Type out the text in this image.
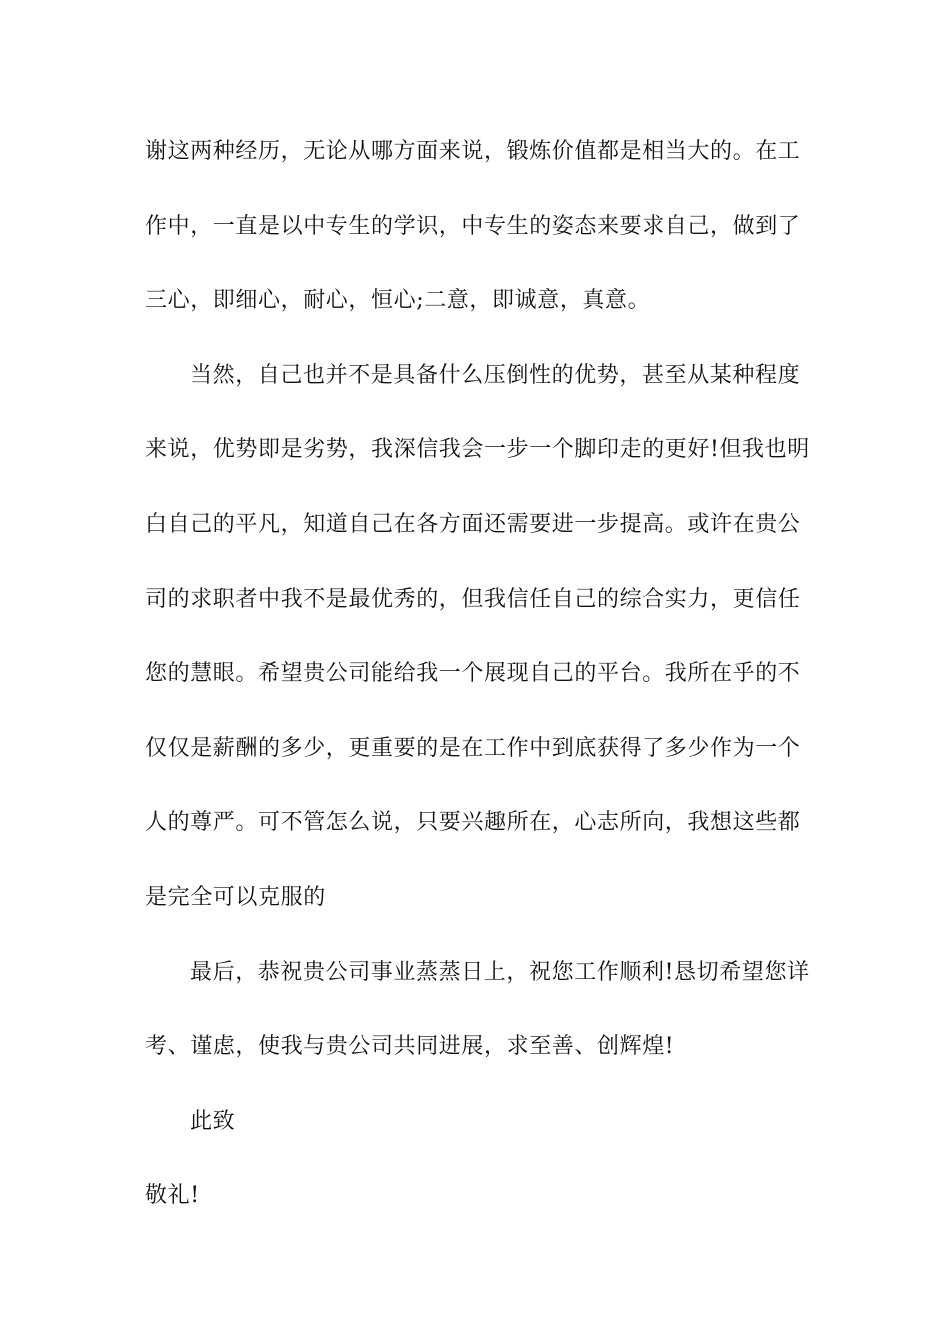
谢这两种经历，无论从哪方面来说，锻炼价值都是相当大的。在工
作中，一直是以中专生的学识，中专生的姿态来要求自己，做到了
三心，即细心，耐心，恒心;二意，即诚意，真意。
当然，自己也并不是具备什么压倒性的优势，甚至从某种程度
来说，优势即是劣势，我深信我会一步一个脚印走的更好!但我也明
白自己的平凡，知道自己在各方面还需要进一步提高。或许在贵公
司的求职者中我不是最优秀的，但我信任自己的综合实力，更信任
您的慧眼。希望贵公司能给我一个展现自己的平台。我所在乎的不
仅仅是薪酬的多少，更重要的是在工作中到底获得了多少作为一个
人的尊严。可不管怎么说，只要兴趣所在，心志所向，我想这些都
是完全可以克服的
最后，恭祝贵公司事业蒸蒸日上，祝您工作顺利!恳切希望您详
考、谨虑，使我与贵公司共同进展，求至善、创辉煌!
此致
敬礼!
